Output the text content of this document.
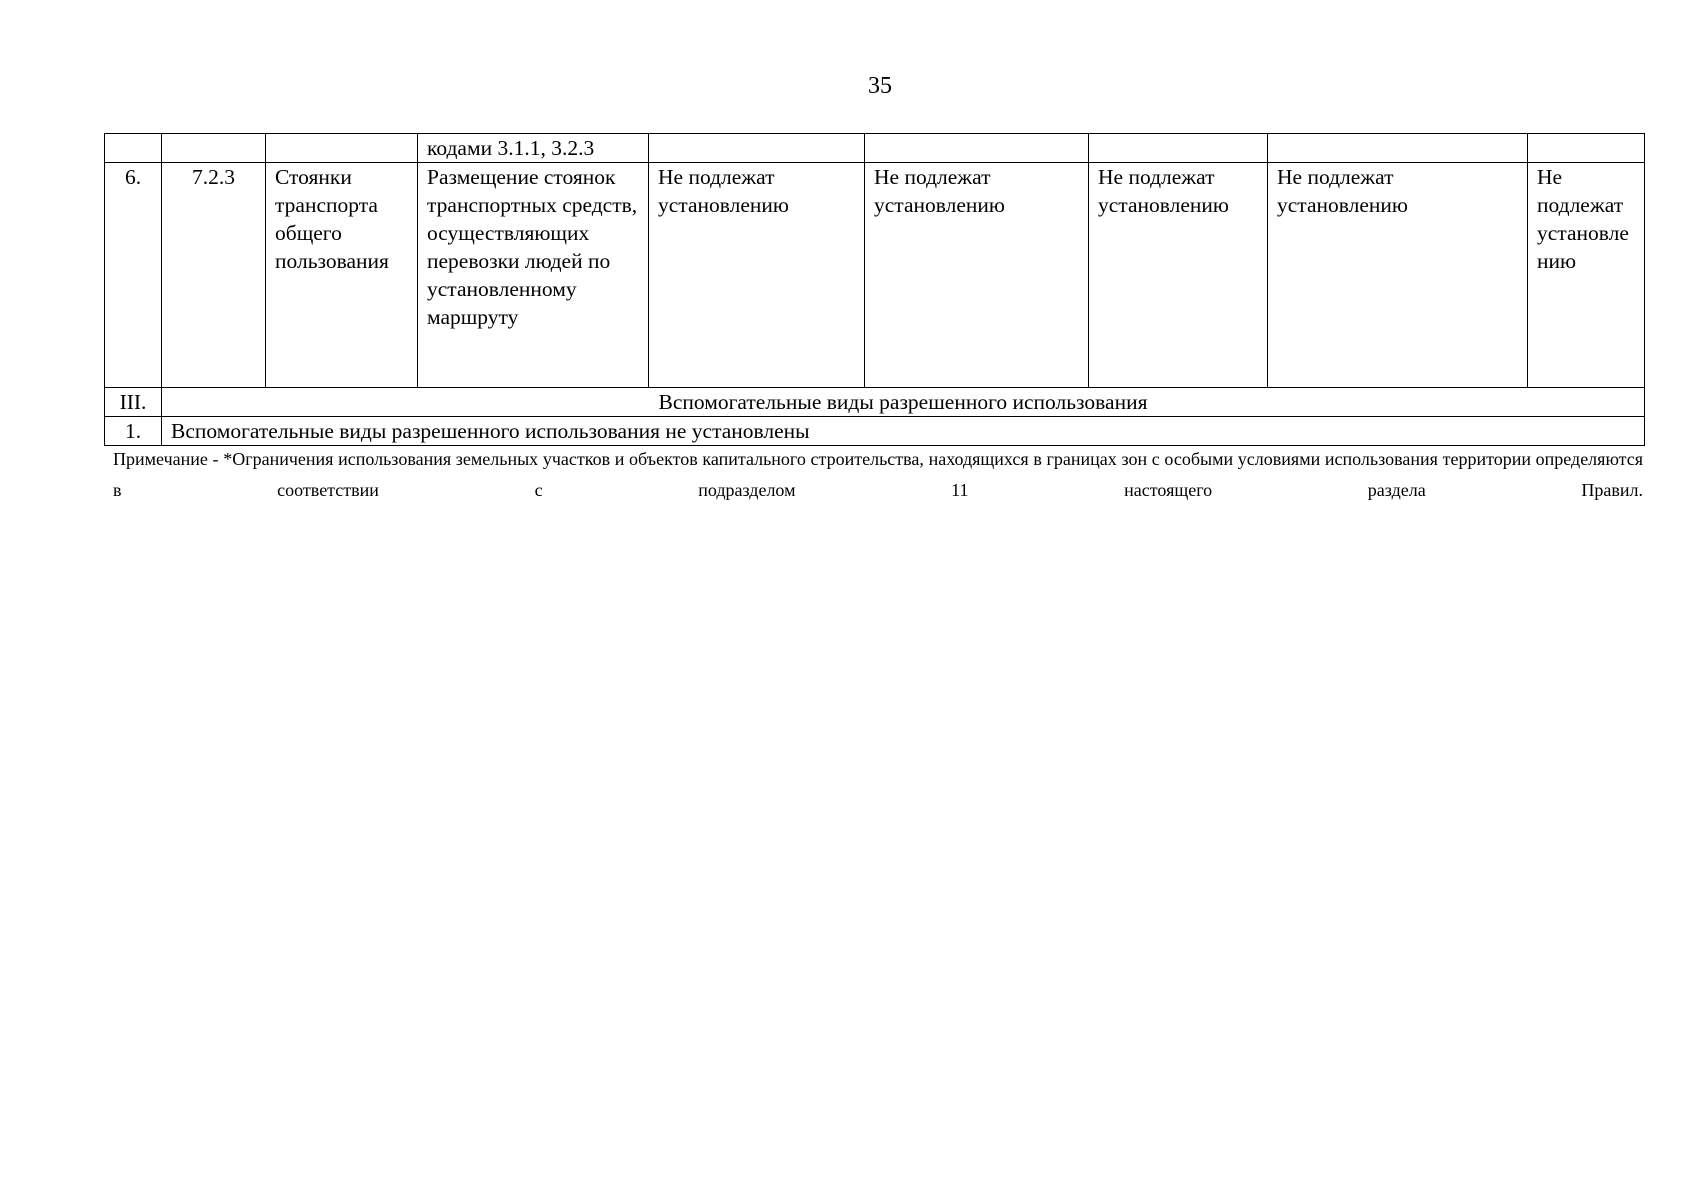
35
			кодами 3.1.1, 3.2.3					
6.	7.2.3	Стоянки транспорта общего пользования	Размещение стоянок транспортных средств, осуществляющих перевозки людей по установленному маршруту	Не подлежат установлению	Не подлежат установлению	Не подлежат установлению	Не подлежат установлению	Не подлежат установлению
III.	Вспомогательные виды разрешенного использования							
1.	Вспомогательные виды разрешенного использования не установлены							
Примечание - *Ограничения использования земельных участков и объектов капитального строительства, находящихся в границах зон с особыми условиями использования территории определяются в соответствии с подразделом 11 настоящего раздела Правил.
